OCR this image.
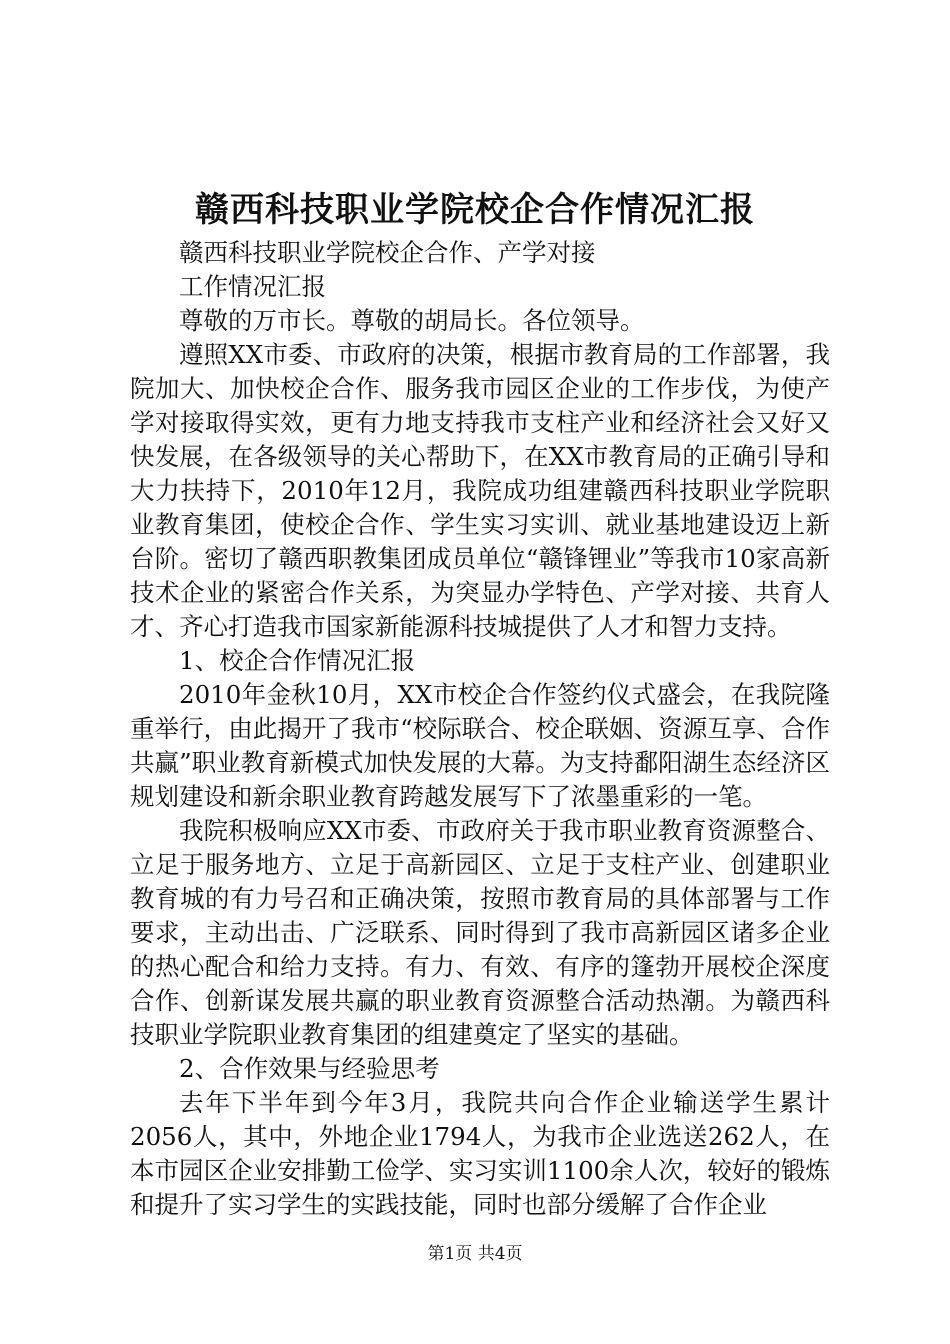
赣西科技职业学院校企合作情况汇报

赣西科技职业学院校企合作、产学对接

工作情况汇报

尊敬的万市长。尊敬的胡局长。各位领导。

遵照XX市委、市政府的决策，根据市教育局的工作部署，我院加大、加快校企合作、服务我市园区企业的工作步伐，为使产学对接取得实效，更有力地支持我市支柱产业和经济社会又好又快发展，在各级领导的关心帮助下，在XX市教育局的正确引导和大力扶持下，2010年12月，我院成功组建赣西科技职业学院职业教育集团，使校企合作、学生实习实训、就业基地建设迈上新台阶。密切了赣西职教集团成员单位“赣锋锂业”等我市10家高新技术企业的紧密合作关系，为突显办学特色、产学对接、共育人才、齐心打造我市国家新能源科技城提供了人才和智力支持。

1、校企合作情况汇报

2010年金秋10月，XX市校企合作签约仪式盛会，在我院隆重举行，由此揭开了我市“校际联合、校企联姻、资源互享、合作共赢”职业教育新模式加快发展的大幕。为支持鄱阳湖生态经济区规划建设和新余职业教育跨越发展写下了浓墨重彩的一笔。

我院积极响应XX市委、市政府关于我市职业教育资源整合、立足于服务地方、立足于高新园区、立足于支柱产业、创建职业教育城的有力号召和正确决策，按照市教育局的具体部署与工作要求，主动出击、广泛联系、同时得到了我市高新园区诸多企业的热心配合和给力支持。有力、有效、有序的篷勃开展校企深度合作、创新谋发展共赢的职业教育资源整合活动热潮。为赣西科技职业学院职业教育集团的组建奠定了坚实的基础。

2、合作效果与经验思考

去年下半年到今年3月，我院共向合作企业输送学生累计2056人，其中，外地企业1794人，为我市企业选送262人，在本市园区企业安排勤工俭学、实习实训1100余人次，较好的锻炼和提升了实习学生的实践技能，同时也部分缓解了合作企业

第1页 共4页
